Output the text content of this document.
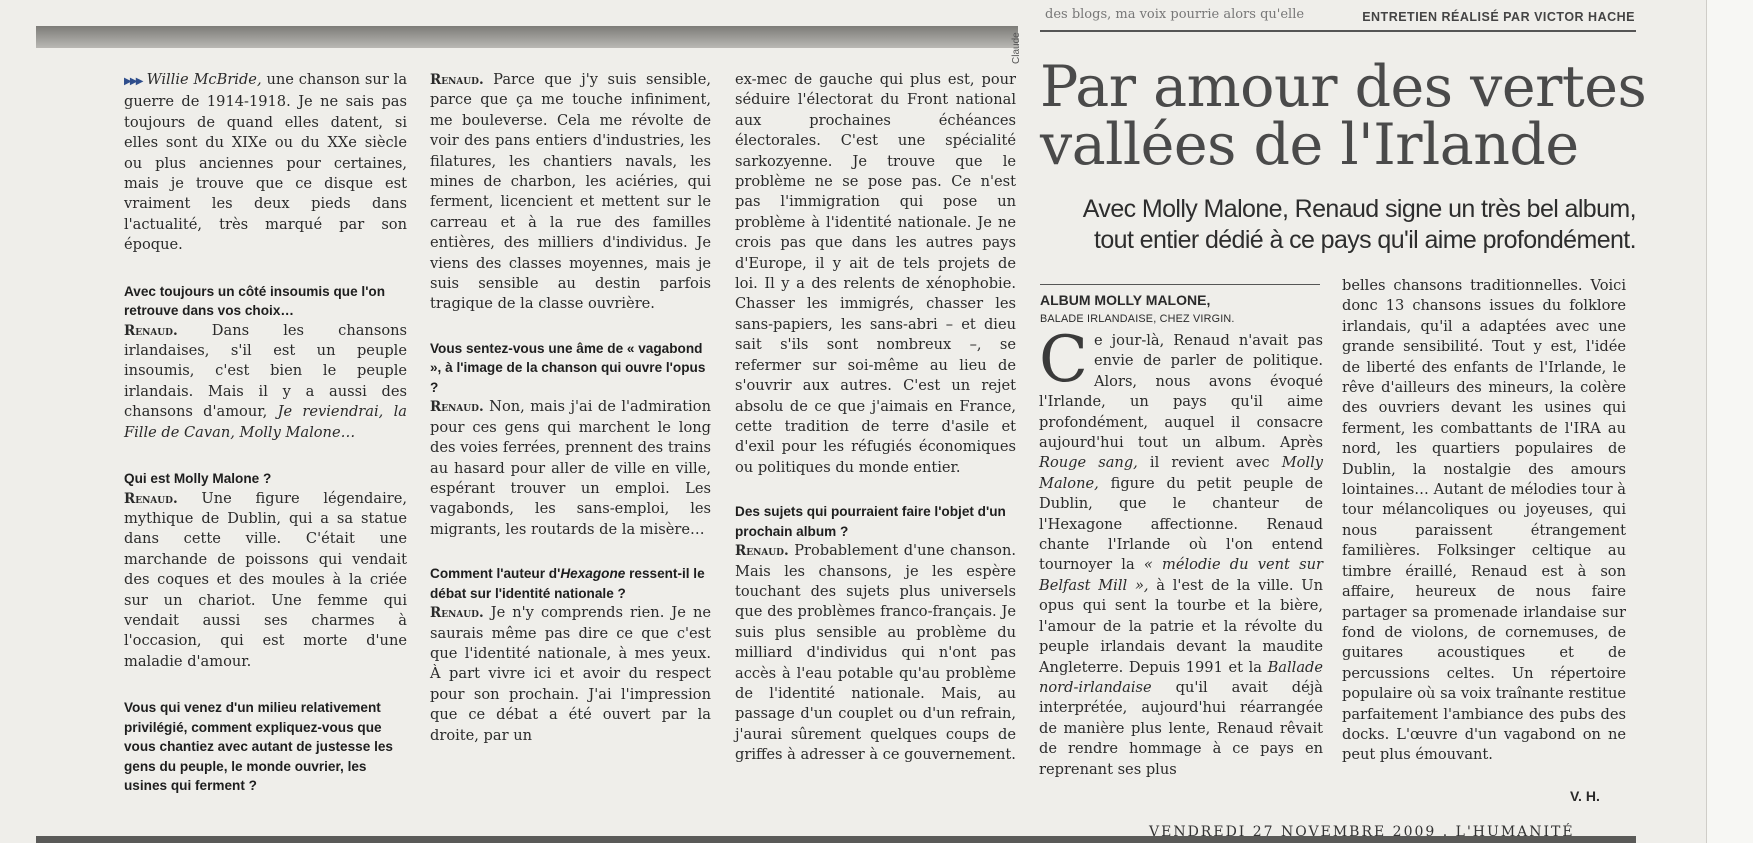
Claude
des blogs, ma voix pourrie alors qu'elle	ENTRETIEN RÉALISÉ PAR VICTOR HACHE

▶▶▶ Willie McBride, une chanson sur la guerre de 1914-1918. Je ne sais pas toujours de quand elles datent, si elles sont du XIXe ou du XXe siècle ou plus anciennes pour certaines, mais je trouve que ce disque est vraiment les deux pieds dans l'actualité, très marqué par son époque.

Avec toujours un côté insoumis que l'on retrouve dans vos choix…

Renaud. Dans les chansons irlandaises, s'il est un peuple insoumis, c'est bien le peuple irlandais. Mais il y a aussi des chansons d'amour, Je reviendrai, la Fille de Cavan, Molly Malone…

Qui est Molly Malone ?

Renaud. Une figure légendaire, mythique de Dublin, qui a sa statue dans cette ville. C'était une marchande de poissons qui vendait des coques et des moules à la criée sur un chariot. Une femme qui vendait aussi ses charmes à l'occasion, qui est morte d'une maladie d'amour.

Vous qui venez d'un milieu relativement privilégié, comment expliquez-vous que vous chantiez avec autant de justesse les gens du peuple, le monde ouvrier, les usines qui ferment ?

Renaud. Parce que j'y suis sensible, parce que ça me touche infiniment, me bouleverse. Cela me révolte de voir des pans entiers d'industries, les filatures, les chantiers navals, les mines de charbon, les aciéries, qui ferment, licencient et mettent sur le carreau et à la rue des familles entières, des milliers d'individus. Je viens des classes moyennes, mais je suis sensible au destin parfois tragique de la classe ouvrière.

Vous sentez-vous une âme de « vagabond », à l'image de la chanson qui ouvre l'opus ?

Renaud. Non, mais j'ai de l'admiration pour ces gens qui marchent le long des voies ferrées, prennent des trains au hasard pour aller de ville en ville, espérant trouver un emploi. Les vagabonds, les sans-emploi, les migrants, les routards de la misère…

Comment l'auteur d'Hexagone ressent-il le débat sur l'identité nationale ?

Renaud. Je n'y comprends rien. Je ne saurais même pas dire ce que c'est que l'identité nationale, à mes yeux. À part vivre ici et avoir du respect pour son prochain. J'ai l'impression que ce débat a été ouvert par la droite, par un

ex-mec de gauche qui plus est, pour séduire l'électorat du Front national aux prochaines échéances électorales. C'est une spécialité sarkozyenne. Je trouve que le problème ne se pose pas. Ce n'est pas l'immigration qui pose un problème à l'identité nationale. Je ne crois pas que dans les autres pays d'Europe, il y ait de tels projets de loi. Il y a des relents de xénophobie. Chasser les immigrés, chasser les sans-papiers, les sans-abri – et dieu sait s'ils sont nombreux –, se refermer sur soi-même au lieu de s'ouvrir aux autres. C'est un rejet absolu de ce que j'aimais en France, cette tradition de terre d'asile et d'exil pour les réfugiés économiques ou politiques du monde entier.

Des sujets qui pourraient faire l'objet d'un prochain album ?

Renaud. Probablement d'une chanson. Mais les chansons, je les espère touchant des sujets plus universels que des problèmes franco-français. Je suis plus sensible au problème du milliard d'individus qui n'ont pas accès à l'eau potable qu'au problème de l'identité nationale. Mais, au passage d'un couplet ou d'un refrain, j'aurai sûrement quelques coups de griffes à adresser à ce gouvernement.

Par amour des vertes vallées de l'Irlande
Avec Molly Malone, Renaud signe un très bel album, tout entier dédié à ce pays qu'il aime profondément.
ALBUM MOLLY MALONE,
BALADE IRLANDAISE, CHEZ VIRGIN.

C e jour-là, Renaud n'avait pas envie de parler de politique. Alors, nous avons évoqué l'Irlande, un pays qu'il aime profondément, auquel il consacre aujourd'hui tout un album. Après Rouge sang, il revient avec Molly Malone, figure du petit peuple de Dublin, que le chanteur de l'Hexagone affectionne. Renaud chante l'Irlande où l'on entend tournoyer la « mélodie du vent sur Belfast Mill », à l'est de la ville. Un opus qui sent la tourbe et la bière, l'amour de la patrie et la révolte du peuple irlandais devant la maudite Angleterre. Depuis 1991 et la Ballade nord-irlandaise qu'il avait déjà interprétée, aujourd'hui réarrangée de manière plus lente, Renaud rêvait de rendre hommage à ce pays en reprenant ses plus

belles chansons traditionnelles. Voici donc 13 chansons issues du folklore irlandais, qu'il a adaptées avec une grande sensibilité. Tout y est, l'idée de liberté des enfants de l'Irlande, le rêve d'ailleurs des mineurs, la colère des ouvriers devant les usines qui ferment, les combattants de l'IRA au nord, les quartiers populaires de Dublin, la nostalgie des amours lointaines… Autant de mélodies tour à tour mélancoliques ou joyeuses, qui nous paraissent étrangement familières. Folksinger celtique au timbre éraillé, Renaud est à son affaire, heureux de nous faire partager sa promenade irlandaise sur fond de violons, de cornemuses, de guitares acoustiques et de percussions celtes. Un répertoire populaire où sa voix traînante restitue parfaitement l'ambiance des pubs des docks. L'œuvre d'un vagabond on ne peut plus émouvant.

V. H.
VENDREDI 27 NOVEMBRE 2009 . L'HUMANITÉ
